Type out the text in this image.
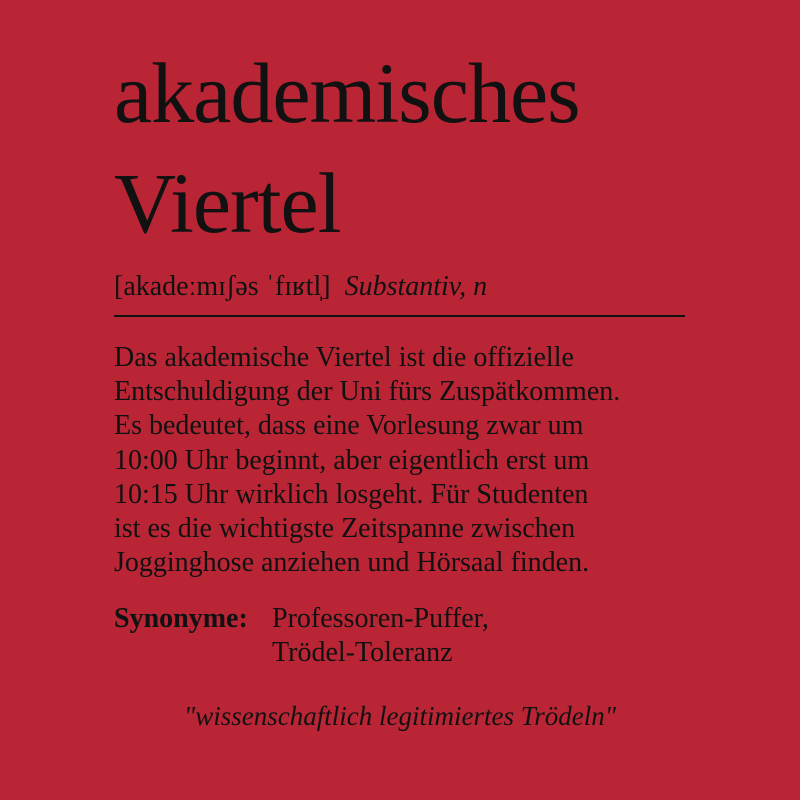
akademisches
Viertel
[akadeːmɪʃəs ˈfɪʁtl̩] Substantiv, n

Das akademische Viertel ist die offizielle
Entschuldigung der Uni fürs Zuspätkommen.
Es bedeutet, dass eine Vorlesung zwar um
10:00 Uhr beginnt, aber eigentlich erst um
10:15 Uhr wirklich losgeht. Für Studenten
ist es die wichtigste Zeitspanne zwischen
Jogginghose anziehen und Hörsaal finden.

Synonyme: Professoren-Puffer,
Trödel-Toleranz
"wissenschaftlich legitimiertes Trödeln"
